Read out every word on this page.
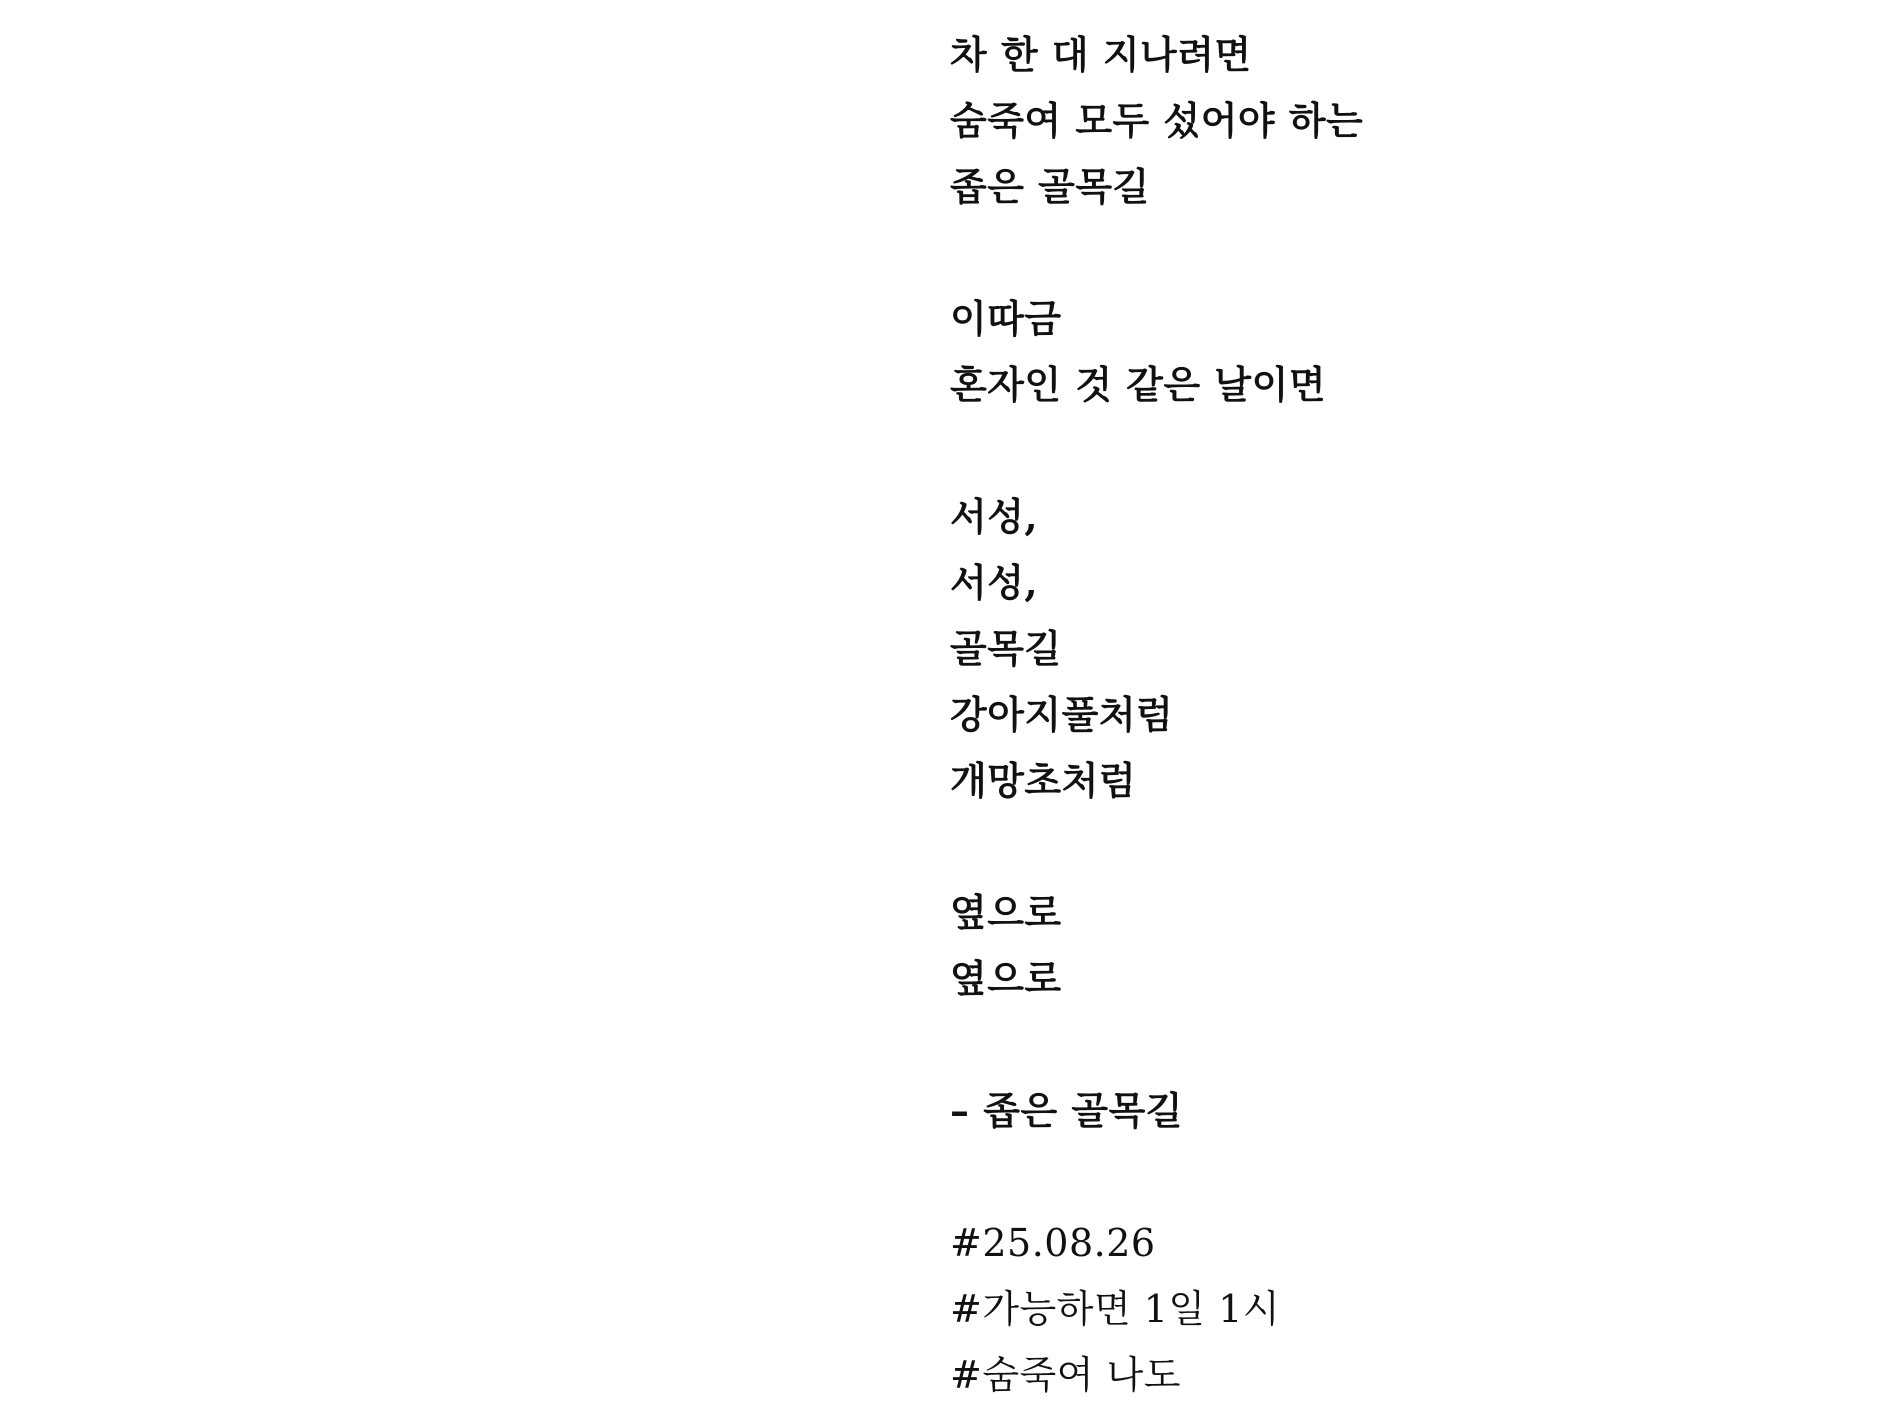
차 한 대 지나려면
숨죽여 모두 섰어야 하는
좁은 골목길
이따금
혼자인 것 같은 날이면
서성,
서성,
골목길
강아지풀처럼
개망초처럼
옆으로
옆으로
– 좁은 골목길
#25.08.26
#가능하면 1일 1시
#숨죽여 나도
